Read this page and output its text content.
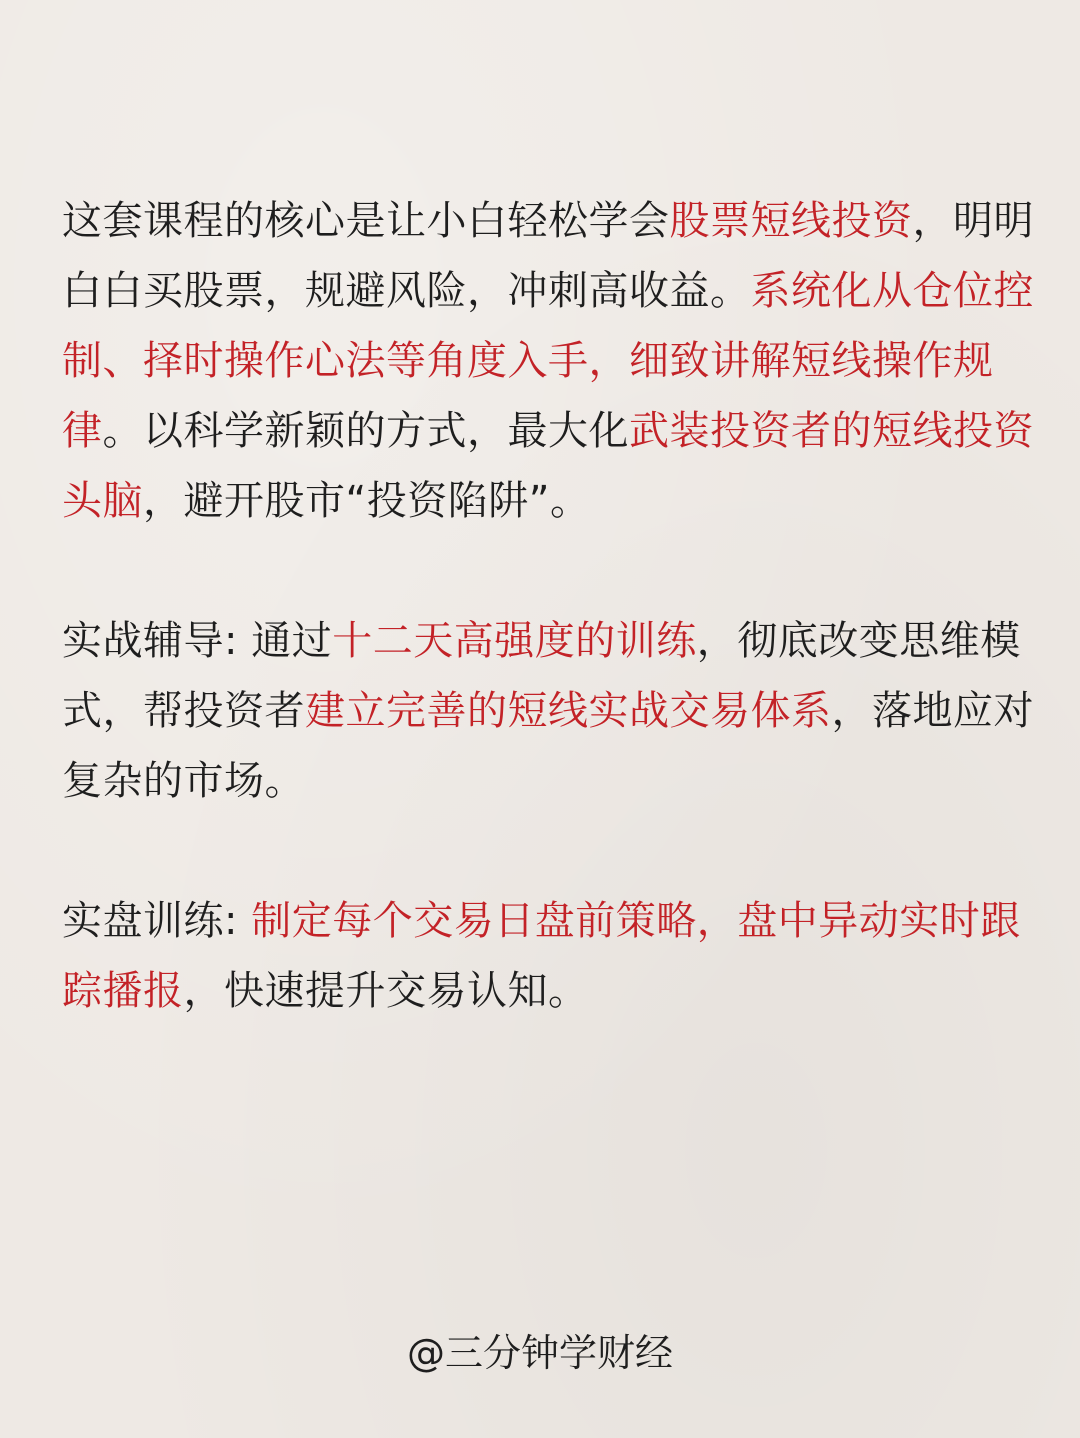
这套课程的核心是让小白轻松学会股票短线投资，明明白白买股票，规避风险，冲刺高收益。系统化从仓位控制、择时操作心法等角度入手，细致讲解短线操作规律。以科学新颖的方式，最大化武装投资者的短线投资头脑，避开股市“投资陷阱”。

实战辅导: 通过十二天高强度的训练，彻底改变思维模式，帮投资者建立完善的短线实战交易体系，落地应对复杂的市场。

实盘训练: 制定每个交易日盘前策略，盘中异动实时跟踪播报，快速提升交易认知。

@三分钟学财经
